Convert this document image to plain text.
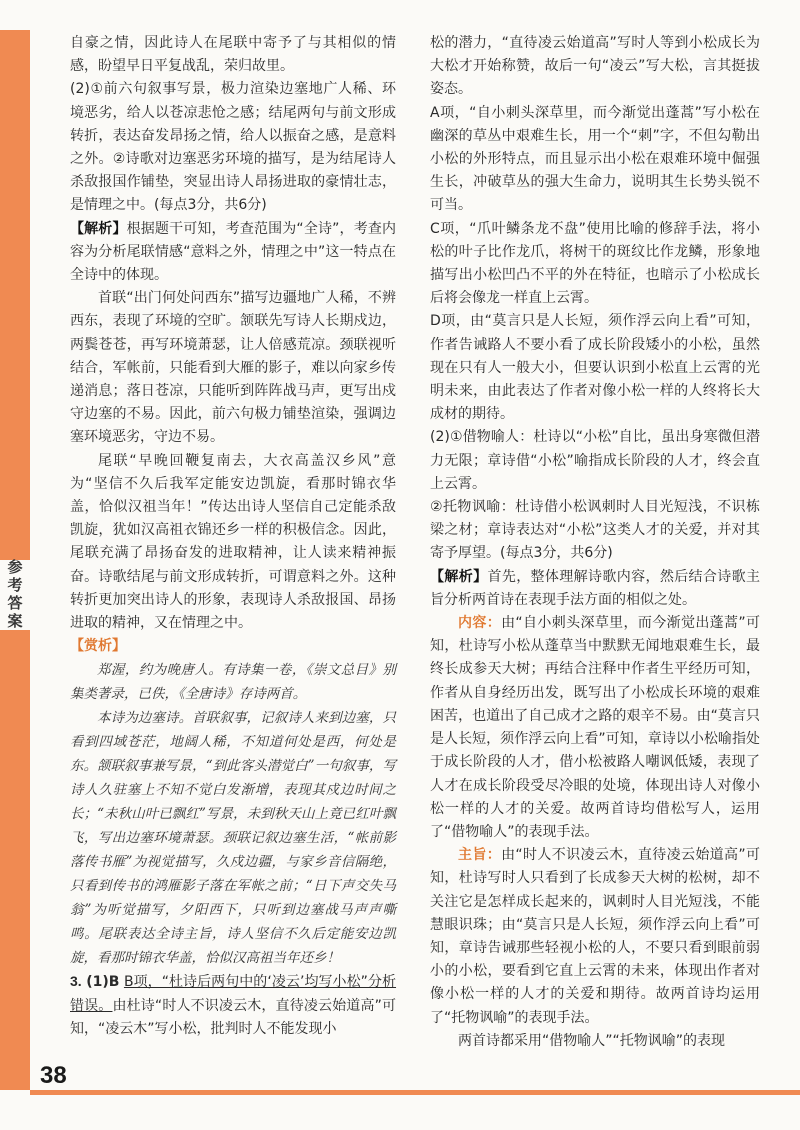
参考答案

自豪之情，因此诗人在尾联中寄予了与其相似的情感，盼望早日平复战乱，荣归故里。

(2)①前六句叙事写景，极力渲染边塞地广人稀、环境恶劣，给人以苍凉悲怆之感；结尾两句与前文形成转折，表达奋发昂扬之情，给人以振奋之感，是意料之外。②诗歌对边塞恶劣环境的描写，是为结尾诗人杀敌报国作铺垫，突显出诗人昂扬进取的豪情壮志，是情理之中。(每点3分，共6分)

【解析】根据题干可知，考查范围为“全诗”，考查内容为分析尾联情感“意料之外，情理之中”这一特点在全诗中的体现。

首联“出门何处问西东”描写边疆地广人稀，不辨西东，表现了环境的空旷。颔联先写诗人长期戍边，两鬓苍苍，再写环境萧瑟，让人倍感荒凉。颈联视听结合，军帐前，只能看到大雁的影子，难以向家乡传递消息；落日苍凉，只能听到阵阵战马声，更写出戍守边塞的不易。因此，前六句极力铺垫渲染，强调边塞环境恶劣，守边不易。

尾联“早晚回鞭复南去，大衣高盖汉乡风”意为“坚信不久后我军定能安边凯旋，看那时锦衣华盖，恰似汉祖当年！”传达出诗人坚信自己定能杀敌凯旋，犹如汉高祖衣锦还乡一样的积极信念。因此，尾联充满了昂扬奋发的进取精神，让人读来精神振奋。诗歌结尾与前文形成转折，可谓意料之外。这种转折更加突出诗人的形象，表现诗人杀敌报国、昂扬进取的精神，又在情理之中。

【赏析】

郑渥，约为晚唐人。有诗集一卷，《崇文总目》别集类著录，已佚，《全唐诗》存诗两首。

本诗为边塞诗。首联叙事，记叙诗人来到边塞，只看到四域苍茫，地阔人稀，不知道何处是西，何处是东。颔联叙事兼写景，“到此客头潜觉白”一句叙事，写诗人久驻塞上不知不觉白发渐增，表现其戍边时间之长；“未秋山叶已飘红”写景，未到秋天山上竟已红叶飘飞，写出边塞环境萧瑟。颈联记叙边塞生活，“帐前影落传书雁”为视觉描写，久戍边疆，与家乡音信隔绝，只看到传书的鸿雁影子落在军帐之前；“日下声交失马翁”为听觉描写，夕阳西下，只听到边塞战马声声嘶鸣。尾联表达全诗主旨，诗人坚信不久后定能安边凯旋，看那时锦衣华盖，恰似汉高祖当年还乡！

3. (1)B B项，“杜诗后两句中的‘凌云’均写小松”分析错误。由杜诗“时人不识凌云木，直待凌云始道高”可知，“凌云木”写小松，批判时人不能发现小

松的潜力，“直待凌云始道高”写时人等到小松成长为大松才开始称赞，故后一句“凌云”写大松，言其挺拔姿态。

A项，“自小刺头深草里，而今渐觉出蓬蒿”写小松在幽深的草丛中艰难生长，用一个“刺”字，不但勾勒出小松的外形特点，而且显示出小松在艰难环境中倔强生长，冲破草丛的强大生命力，说明其生长势头锐不可当。

C项，“爪叶鳞条龙不盘”使用比喻的修辞手法，将小松的叶子比作龙爪，将树干的斑纹比作龙鳞，形象地描写出小松凹凸不平的外在特征，也暗示了小松成长后将会像龙一样直上云霄。

D项，由“莫言只是人长短，须作浮云向上看”可知，作者告诫路人不要小看了成长阶段矮小的小松，虽然现在只有人一般大小，但要认识到小松直上云霄的光明未来，由此表达了作者对像小松一样的人终将长大成材的期待。

(2)①借物喻人：杜诗以“小松”自比，虽出身寒微但潜力无限；章诗借“小松”喻指成长阶段的人才，终会直上云霄。

②托物讽喻：杜诗借小松讽刺时人目光短浅，不识栋梁之材；章诗表达对“小松”这类人才的关爱，并对其寄予厚望。(每点3分，共6分)

【解析】首先，整体理解诗歌内容，然后结合诗歌主旨分析两首诗在表现手法方面的相似之处。

内容：由“自小刺头深草里，而今渐觉出蓬蒿”可知，杜诗写小松从蓬草当中默默无闻地艰难生长，最终长成参天大树；再结合注释中作者生平经历可知，作者从自身经历出发，既写出了小松成长环境的艰难困苦，也道出了自己成才之路的艰辛不易。由“莫言只是人长短，须作浮云向上看”可知，章诗以小松喻指处于成长阶段的人才，借小松被路人嘲讽低矮，表现了人才在成长阶段受尽冷眼的处境，体现出诗人对像小松一样的人才的关爱。故两首诗均借松写人，运用了“借物喻人”的表现手法。

主旨：由“时人不识凌云木，直待凌云始道高”可知，杜诗写时人只看到了长成参天大树的松树，却不关注它是怎样成长起来的，讽刺时人目光短浅，不能慧眼识珠；由“莫言只是人长短，须作浮云向上看”可知，章诗告诫那些轻视小松的人，不要只看到眼前弱小的小松，要看到它直上云霄的未来，体现出作者对像小松一样的人才的关爱和期待。故两首诗均运用了“托物讽喻”的表现手法。

两首诗都采用“借物喻人”“托物讽喻”的表现

38
